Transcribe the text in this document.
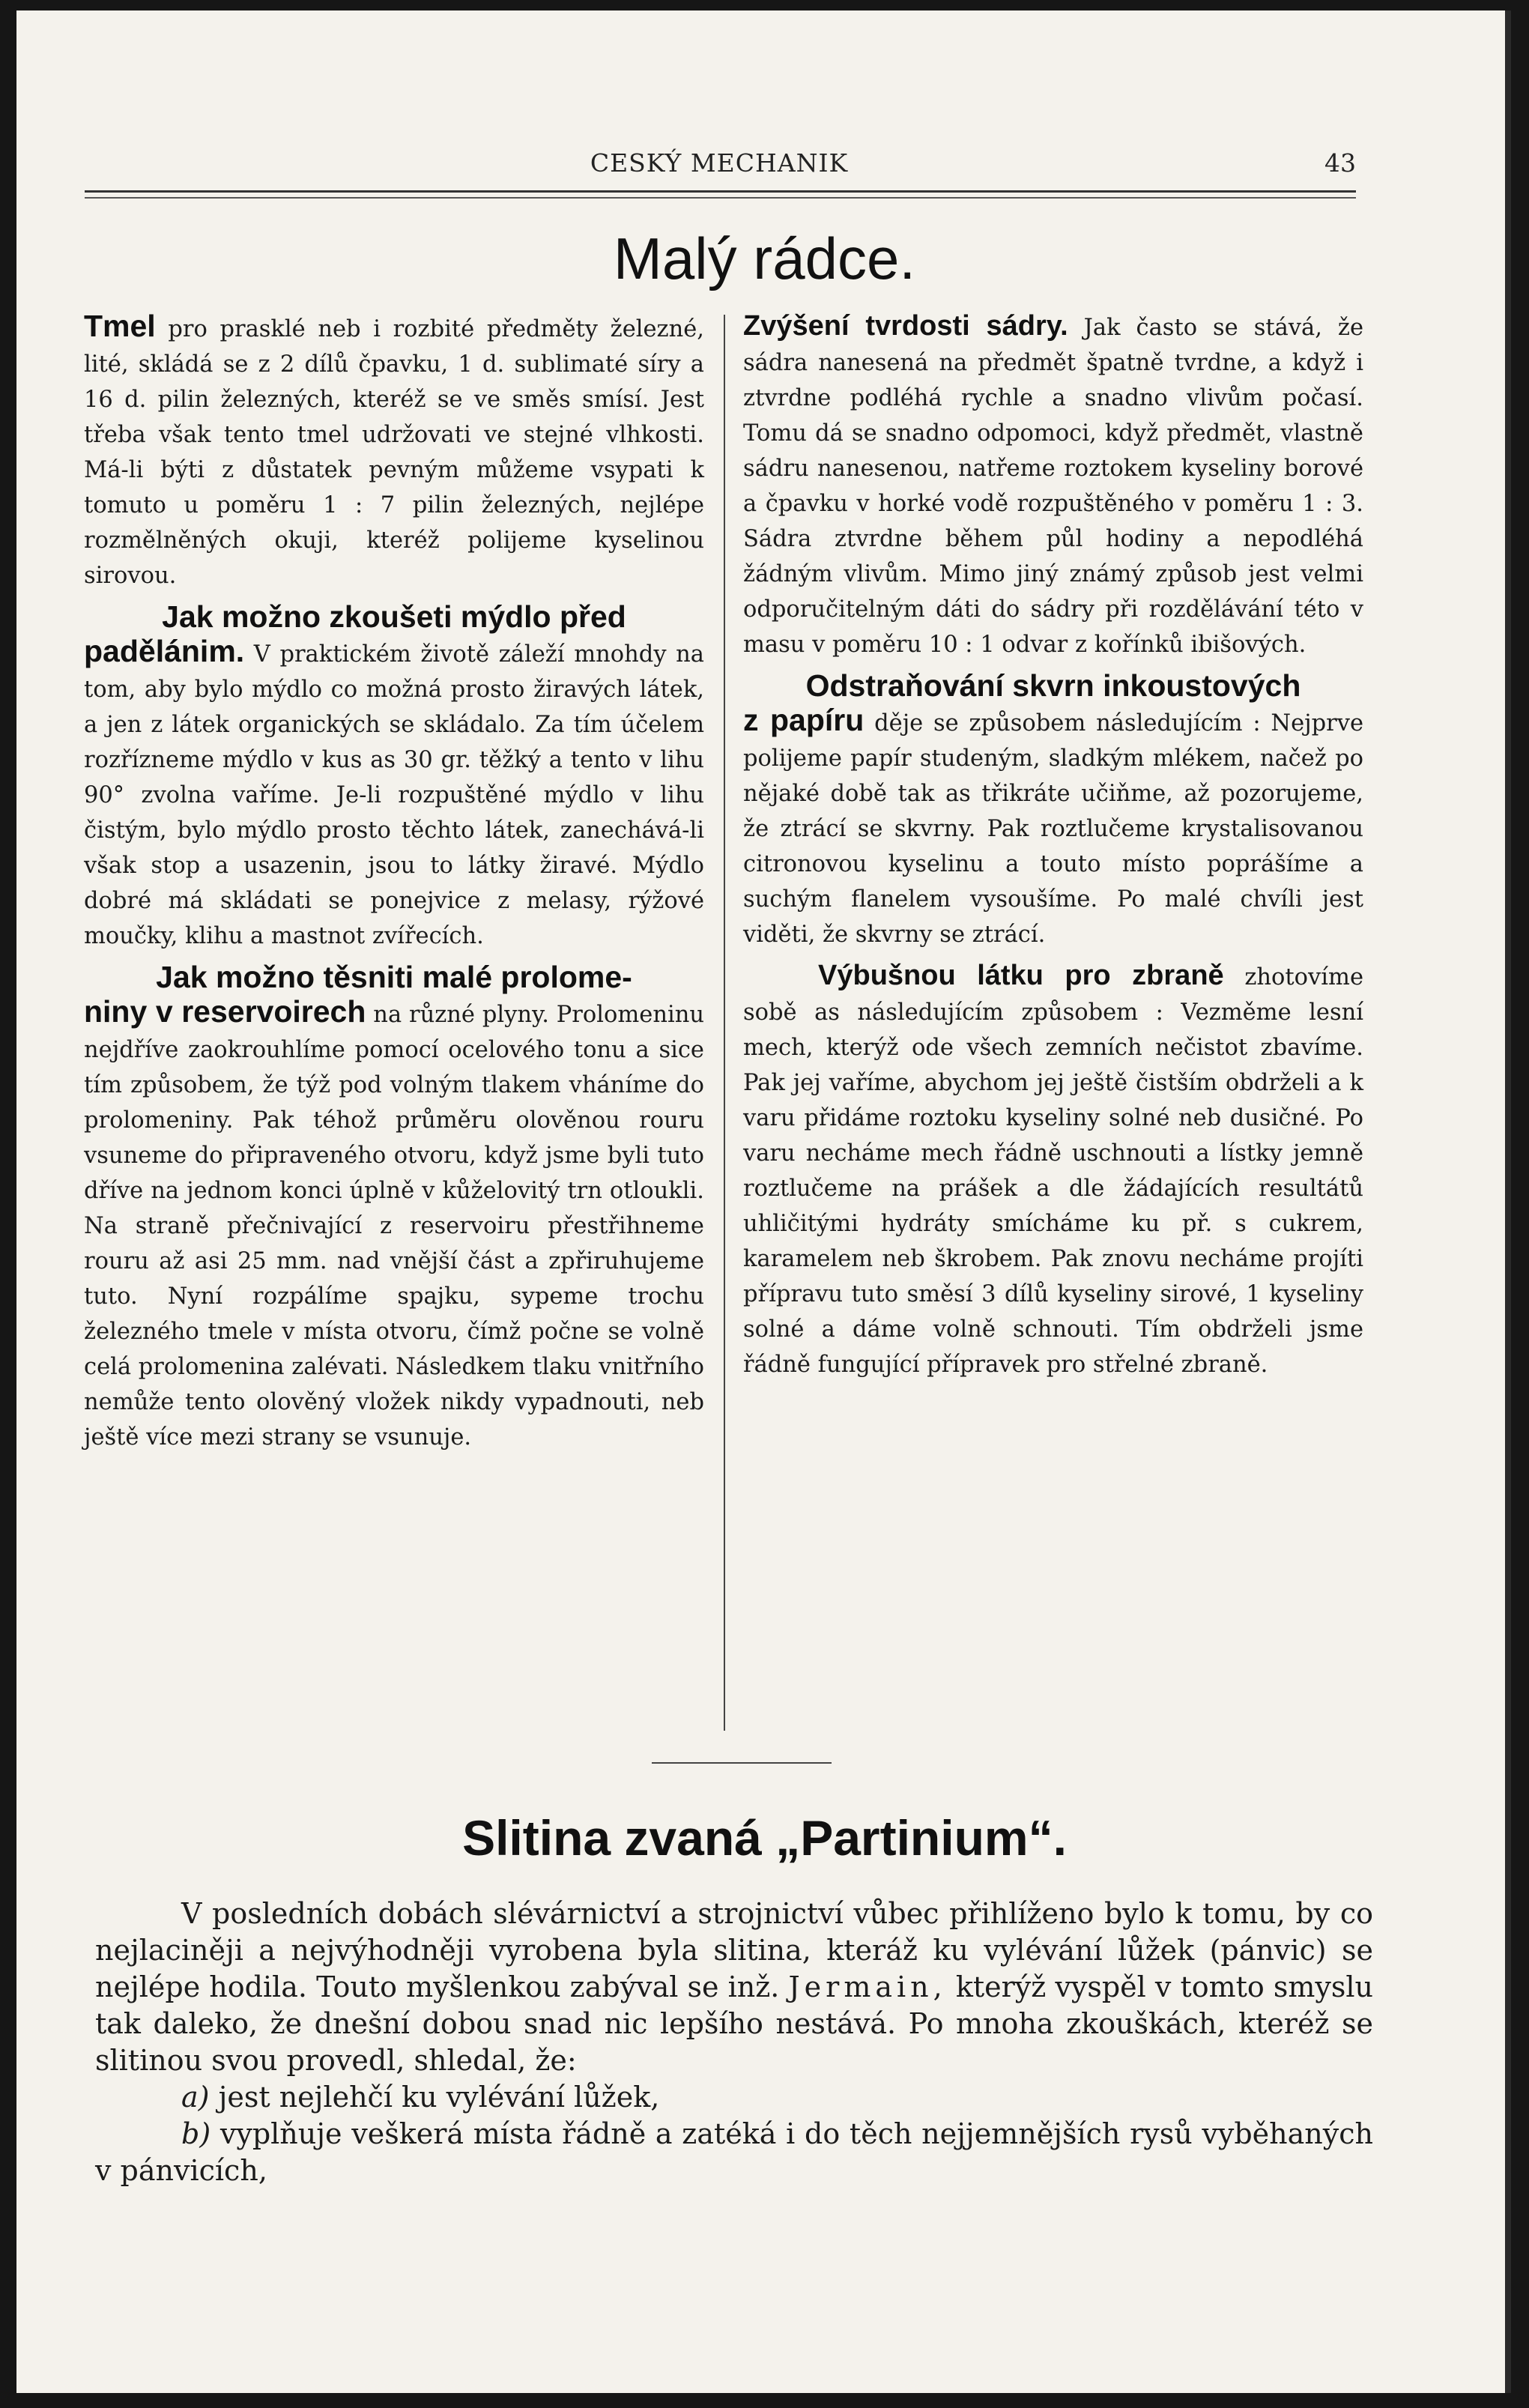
CESKÝ MECHANIK	43
Malý rádce.

Tmel pro prasklé neb i rozbité předměty železné, lité, skládá se z 2 dílů čpavku, 1 d. sublimaté síry a 16 d. pilin železných, kteréž se ve směs smísí. Jest třeba však tento tmel udržovati ve stejné vlhkosti. Má-li býti z důstatek pevným můžeme vsypati k tomuto u poměru 1 : 7 pilin železných, nejlépe rozmělněných okuji, kteréž polijeme kyselinou sirovou.

Jak možno zkoušeti mýdlo před
padělánim. V praktickém životě záleží mnohdy na tom, aby bylo mýdlo co možná prosto žiravých látek, a jen z látek organických se skládalo. Za tím účelem rozřízneme mýdlo v kus as 30 gr. těžký a tento v lihu 90° zvolna vaříme. Je-li rozpuštěné mýdlo v lihu čistým, bylo mýdlo prosto těchto látek, zanechává-li však stop a usazenin, jsou to látky žiravé. Mýdlo dobré má skládati se ponejvice z melasy, rýžové moučky, klihu a mastnot zvířecích.

Jak možno těsniti malé prolome-
niny v reservoirech na různé plyny. Prolomeninu nejdříve zaokrouhlíme pomocí ocelového tonu a sice tím způsobem, že týž pod volným tlakem vháníme do prolomeniny. Pak téhož průměru olověnou rouru vsuneme do připraveného otvoru, když jsme byli tuto dříve na jednom konci úplně v kůželovitý trn otloukli. Na straně přečnivající z reservoiru přestřihneme rouru až asi 25 mm. nad vnější část a zpřiruhujeme tuto. Nyní rozpálíme spajku, sypeme trochu železného tmele v místa otvoru, čímž počne se volně celá prolomenina zalévati. Následkem tlaku vnitřního nemůže tento olověný vložek nikdy vypadnouti, neb ještě více mezi strany se vsunuje.

Zvýšení tvrdosti sádry. Jak často se stává, že sádra nanesená na předmět špatně tvrdne, a když i ztvrdne podléhá rychle a snadno vlivům počasí. Tomu dá se snadno odpomoci, když předmět, vlastně sádru nanesenou, natřeme roztokem kyseliny borové a čpavku v horké vodě rozpuštěného v poměru 1 : 3. Sádra ztvrdne během půl hodiny a nepodléhá žádným vlivům. Mimo jiný známý způsob jest velmi odporučitelným dáti do sádry při rozdělávání této v masu v poměru 10 : 1 odvar z kořínků ibišových.

Odstraňování skvrn inkoustových
z papíru děje se způsobem následujícím : Nejprve polijeme papír studeným, sladkým mlékem, načež po nějaké době tak as třikráte učiňme, až pozorujeme, že ztrácí se skvrny. Pak roztlučeme krystalisovanou citronovou kyselinu a touto místo poprášíme a suchým flanelem vysoušíme. Po malé chvíli jest viděti, že skvrny se ztrácí.

Výbušnou látku pro zbraně zhotovíme sobě as následujícím způsobem : Vezměme lesní mech, kterýž ode všech zemních nečistot zbavíme. Pak jej vaříme, abychom jej ještě čistším obdrželi a k varu přidáme roztoku kyseliny solné neb dusičné. Po varu necháme mech řádně uschnouti a lístky jemně roztlučeme na prášek a dle žádajících resultátů uhličitými hydráty smícháme ku př. s cukrem, karamelem neb škrobem. Pak znovu necháme projíti přípravu tuto směsí 3 dílů kyseliny sirové, 1 kyseliny solné a dáme volně schnouti. Tím obdrželi jsme řádně fungující přípravek pro střelné zbraně.

Slitina zvaná „Partinium“.

V posledních dobách slévárnictví a strojnictví vůbec přihlíženo bylo k tomu, by co nejlaciněji a nejvýhodněji vyrobena byla slitina, kteráž ku vylévání lůžek (pánvic) se nejlépe hodila. Touto myšlenkou zabýval se inž. Jermain, kterýž vyspěl v tomto smyslu tak daleko, že dnešní dobou snad nic lepšího nestává. Po mnoha zkouškách, kteréž se slitinou svou provedl, shledal, že:

a) jest nejlehčí ku vylévání lůžek,

b) vyplňuje veškerá místa řádně a zatéká i do těch nejjemnějších rysů vyběhaných v pánvicích,
